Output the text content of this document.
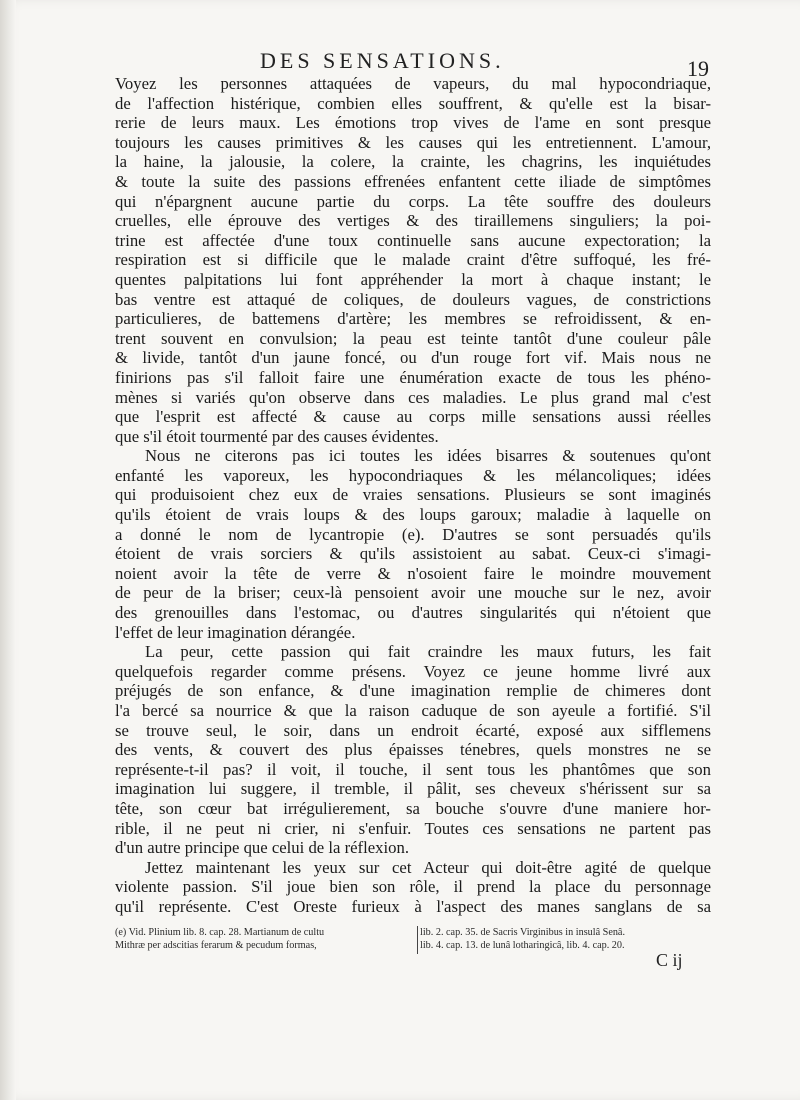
DES SENSATIONS.	19
Voyez les personnes attaquées de vapeurs, du mal hypocondriaque,
de l'affection histérique, combien elles souffrent, & qu'elle est la bisar-
rerie de leurs maux. Les émotions trop vives de l'ame en sont presque
toujours les causes primitives & les causes qui les entretiennent. L'amour,
la haine, la jalousie, la colere, la crainte, les chagrins, les inquiétudes
& toute la suite des passions effrenées enfantent cette iliade de simptômes
qui n'épargnent aucune partie du corps. La tête souffre des douleurs
cruelles, elle éprouve des vertiges & des tiraillemens singuliers; la poi-
trine est affectée d'une toux continuelle sans aucune expectoration; la
respiration est si difficile que le malade craint d'être suffoqué, les fré-
quentes palpitations lui font appréhender la mort à chaque instant; le
bas ventre est attaqué de coliques, de douleurs vagues, de constrictions
particulieres, de battemens d'artère; les membres se refroidissent, & en-
trent souvent en convulsion; la peau est teinte tantôt d'une couleur pâle
& livide, tantôt d'un jaune foncé, ou d'un rouge fort vif. Mais nous ne
finirions pas s'il falloit faire une énumération exacte de tous les phéno-
mènes si variés qu'on observe dans ces maladies. Le plus grand mal c'est
que l'esprit est affecté & cause au corps mille sensations aussi réelles
que s'il étoit tourmenté par des causes évidentes.
Nous ne citerons pas ici toutes les idées bisarres & soutenues qu'ont
enfanté les vaporeux, les hypocondriaques & les mélancoliques; idées
qui produisoient chez eux de vraies sensations. Plusieurs se sont imaginés
qu'ils étoient de vrais loups & des loups garoux; maladie à laquelle on
a donné le nom de lycantropie (e). D'autres se sont persuadés qu'ils
étoient de vrais sorciers & qu'ils assistoient au sabat. Ceux-ci s'imagi-
noient avoir la tête de verre & n'osoient faire le moindre mouvement
de peur de la briser; ceux-là pensoient avoir une mouche sur le nez, avoir
des grenouilles dans l'estomac, ou d'autres singularités qui n'étoient que
l'effet de leur imagination dérangée.
La peur, cette passion qui fait craindre les maux futurs, les fait
quelquefois regarder comme présens. Voyez ce jeune homme livré aux
préjugés de son enfance, & d'une imagination remplie de chimeres dont
l'a bercé sa nourrice & que la raison caduque de son ayeule a fortifié. S'il
se trouve seul, le soir, dans un endroit écarté, exposé aux sifflemens
des vents, & couvert des plus épaisses ténebres, quels monstres ne se
représente-t-il pas? il voit, il touche, il sent tous les phantômes que son
imagination lui suggere, il tremble, il pâlit, ses cheveux s'hérissent sur sa
tête, son cœur bat irrégulierement, sa bouche s'ouvre d'une maniere hor-
rible, il ne peut ni crier, ni s'enfuir. Toutes ces sensations ne partent pas
d'un autre principe que celui de la réflexion.
Jettez maintenant les yeux sur cet Acteur qui doit-être agité de quelque
violente passion. S'il joue bien son rôle, il prend la place du personnage
qu'il représente. C'est Oreste furieux à l'aspect des manes sanglans de sa
(e) Vid. Plinium lib. 8. cap. 28. Martianum de cultu
Mithræ per adscitias ferarum & pecudum formas,
lib. 2. cap. 35. de Sacris Virginibus in insulâ Senâ.
lib. 4. cap. 13. de lunâ lotharingicâ, lib. 4. cap. 20.
C ij
